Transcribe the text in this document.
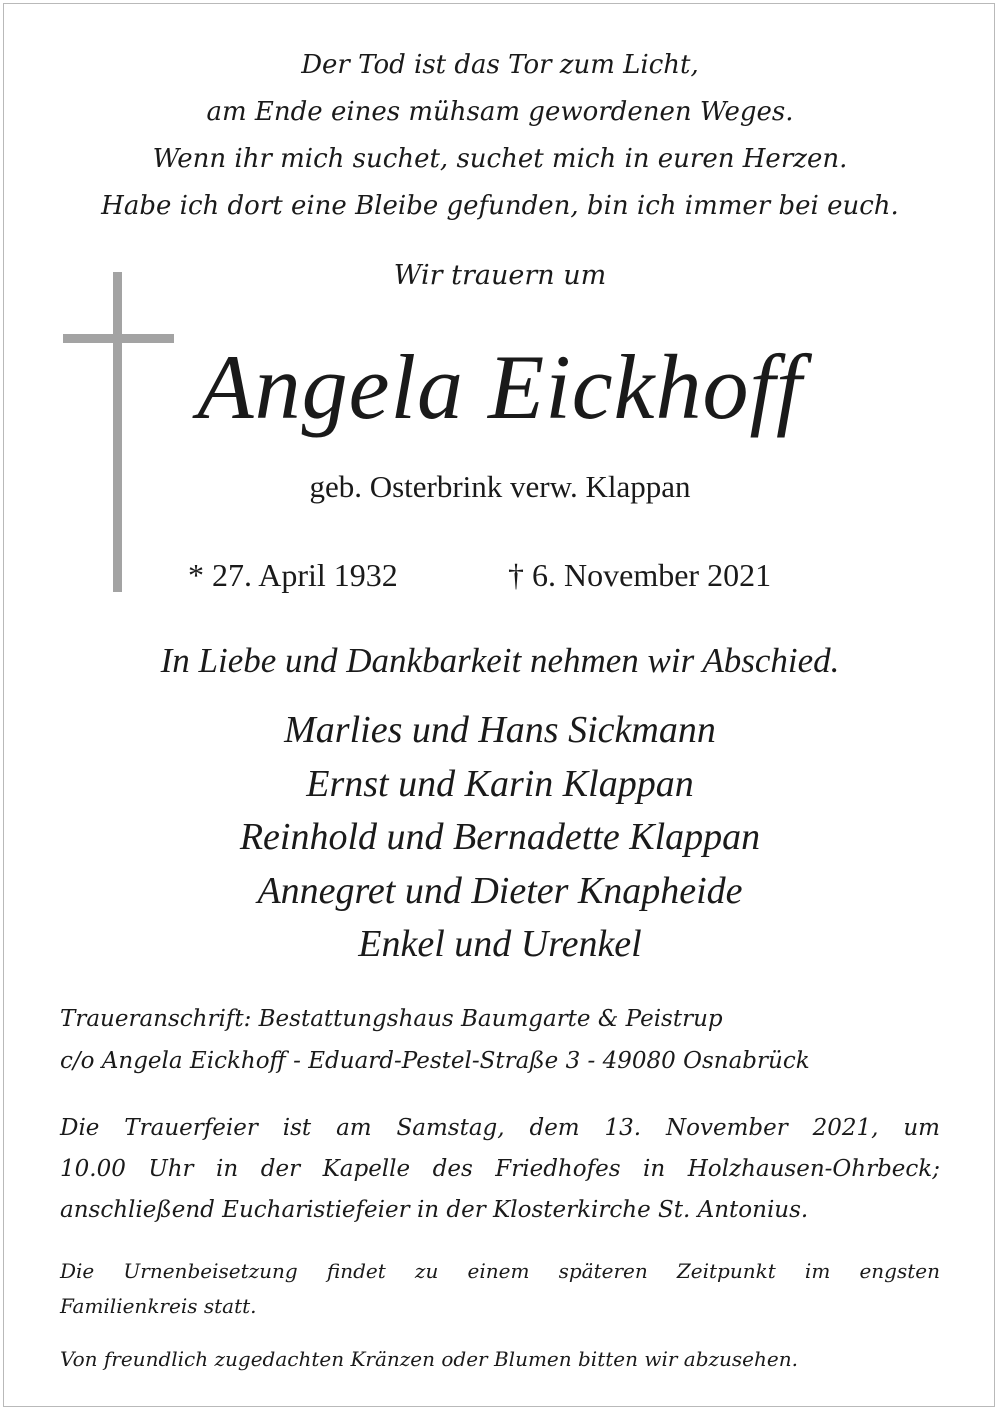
Der Tod ist das Tor zum Licht,
am Ende eines mühsam gewordenen Weges.
Wenn ihr mich suchet, suchet mich in euren Herzen.
Habe ich dort eine Bleibe gefunden, bin ich immer bei euch.
Wir trauern um
Angela Eickhoff
geb. Osterbrink verw. Klappan
* 27. April 1932	† 6. November 2021
In Liebe und Dankbarkeit nehmen wir Abschied.
Marlies und Hans Sickmann
Ernst und Karin Klappan
Reinhold und Bernadette Klappan
Annegret und Dieter Knapheide
Enkel und Urenkel
Traueranschrift: Bestattungshaus Baumgarte & Peistrup
c/o Angela Eickhoff - Eduard-Pestel-Straße 3 - 49080 Osnabrück
Die Trauerfeier ist am Samstag, dem 13. November 2021, um
10.00 Uhr in der Kapelle des Friedhofes in Holzhausen-Ohrbeck;
anschließend Eucharistiefeier in der Klosterkirche St. Antonius.
Die Urnenbeisetzung findet zu einem späteren Zeitpunkt im engsten
Familienkreis statt.
Von freundlich zugedachten Kränzen oder Blumen bitten wir abzusehen.
